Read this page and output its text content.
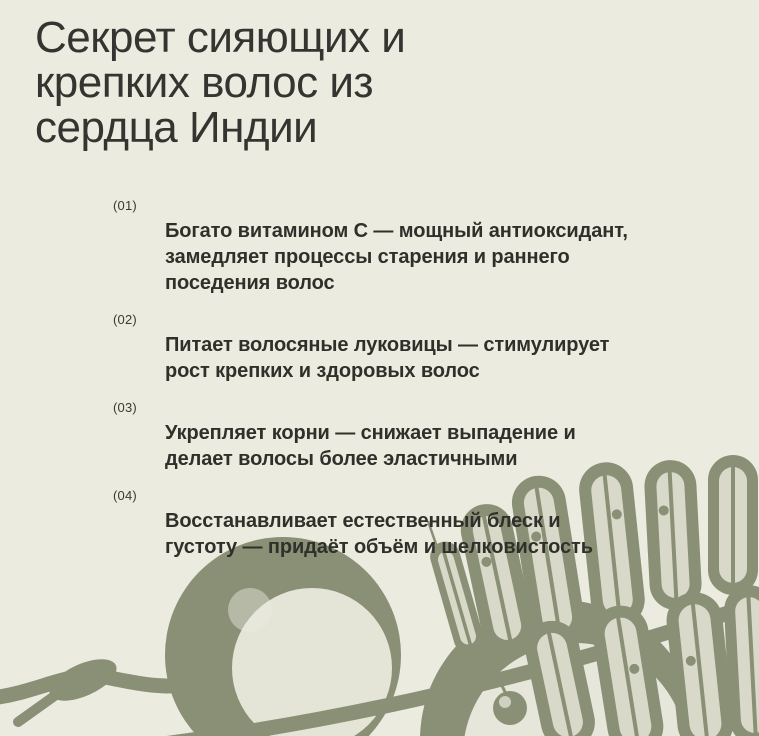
Секрет сияющих и
крепких волос из
сердца Индии
(01)
Богато витамином С — мощный антиоксидант,
замедляет процессы старения и раннего
поседения волос
(02)
Питает волосяные луковицы — стимулирует
рост крепких и здоровых волос
(03)
Укрепляет корни — снижает выпадение и
делает волосы более эластичными
(04)
Восстанавливает естественный блеск и
густоту — придаёт объём и шелковистость
